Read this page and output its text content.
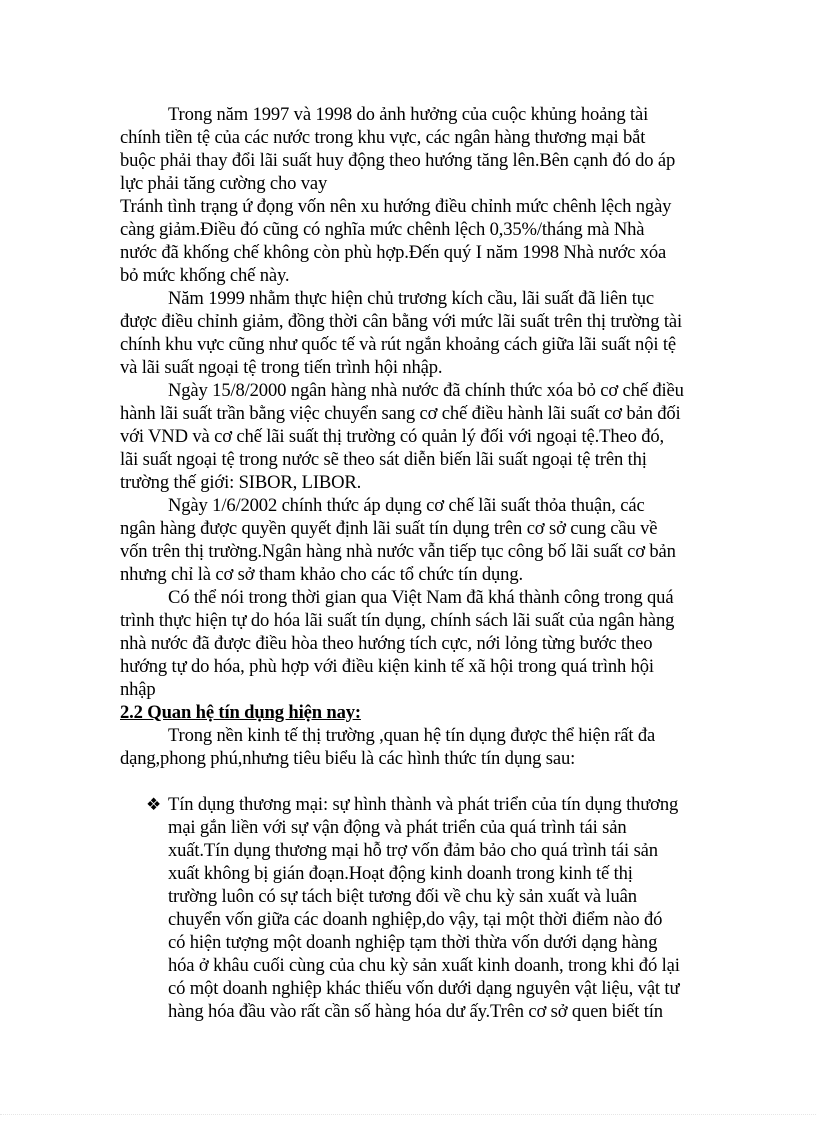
Trong năm 1997 và 1998 do ảnh hưởng của cuộc khủng hoảng tài
chính tiền tệ của các nước trong khu vực, các ngân hàng thương mại bắt
buộc phải thay đổi lãi suất huy động theo hướng tăng lên.Bên cạnh đó do áp
lực phải tăng cường cho vay
Tránh tình trạng ứ đọng vốn nên xu hướng điều chỉnh mức chênh lệch ngày
càng giảm.Điều đó cũng có nghĩa mức chênh lệch 0,35%/tháng mà Nhà
nước đã khống chế không còn phù hợp.Đến quý I năm 1998 Nhà nước xóa
bỏ mức khống chế này.
Năm 1999 nhằm thực hiện chủ trương kích cầu, lãi suất đã liên tục
được điều chỉnh giảm, đồng thời cân bằng với mức lãi suất trên thị trường tài
chính khu vực cũng như quốc tế và rút ngắn khoảng cách giữa lãi suất nội tệ
và lãi suất ngoại tệ trong tiến trình hội nhập.
Ngày 15/8/2000 ngân hàng nhà nước đã chính thức xóa bỏ cơ chế điều
hành lãi suất trần bằng việc chuyển sang cơ chế điều hành lãi suất cơ bản đối
với VND và cơ chế lãi suất thị trường có quản lý đối với ngoại tệ.Theo đó,
lãi suất ngoại tệ trong nước sẽ theo sát diễn biến lãi suất ngoại tệ trên thị
trường thế giới: SIBOR, LIBOR.
Ngày 1/6/2002 chính thức áp dụng cơ chế lãi suất thỏa thuận, các
ngân hàng được quyền quyết định lãi suất tín dụng trên cơ sở cung cầu về
vốn trên thị trường.Ngân hàng nhà nước vẫn tiếp tục công bố lãi suất cơ bản
nhưng chỉ là cơ sở tham khảo cho các tổ chức tín dụng.
Có thể nói trong thời gian qua Việt Nam đã khá thành công trong quá
trình thực hiện tự do hóa lãi suất tín dụng, chính sách lãi suất của ngân hàng
nhà nước đã được điều hòa theo hướng tích cực, nới lỏng từng bước theo
hướng tự do hóa, phù hợp với điều kiện kinh tế xã hội trong quá trình hội
nhập
2.2 Quan hệ tín dụng hiện nay:
Trong nền kinh tế thị trường ,quan hệ tín dụng được thể hiện rất đa
dạng,phong phú,nhưng tiêu biểu là các hình thức tín dụng sau:
❖ Tín dụng thương mại: sự hình thành và phát triển của tín dụng thương
mại gắn liền với sự vận động và phát triển của quá trình tái sản
xuất.Tín dụng thương mại hỗ trợ vốn đảm bảo cho quá trình tái sản
xuất không bị gián đoạn.Hoạt động kinh doanh trong kinh tế thị
trường luôn có sự tách biệt tương đối về chu kỳ sản xuất và luân
chuyển vốn giữa các doanh nghiệp,do vậy, tại một thời điểm nào đó
có hiện tượng một doanh nghiệp tạm thời thừa vốn dưới dạng hàng
hóa ở khâu cuối cùng của chu kỳ sản xuất kinh doanh, trong khi đó lại
có một doanh nghiệp khác thiếu vốn dưới dạng nguyên vật liệu, vật tư
hàng hóa đầu vào rất cần số hàng hóa dư ấy.Trên cơ sở quen biết tín
